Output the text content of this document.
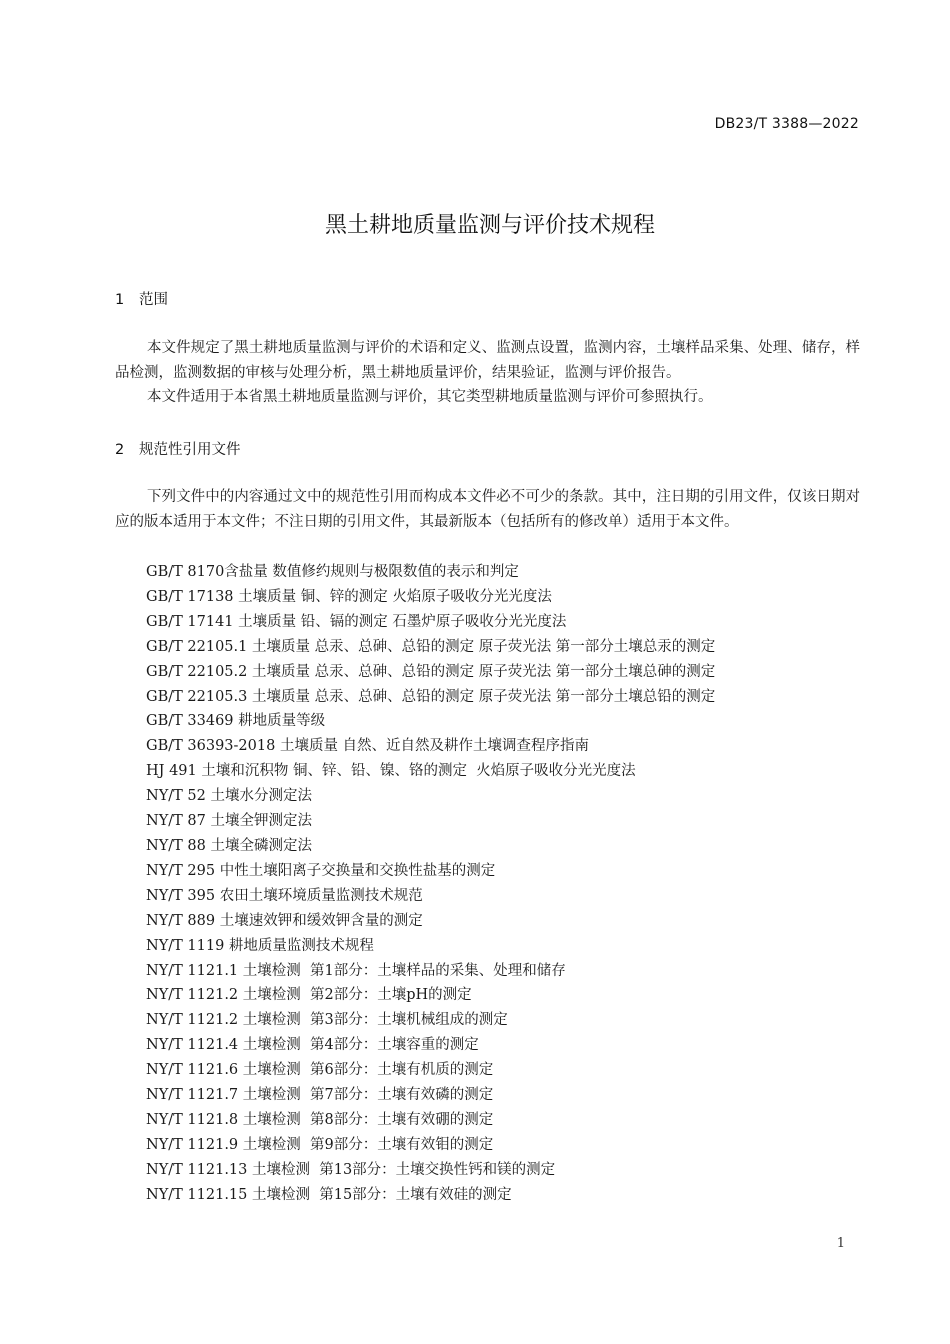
DB23/T 3388—2022
黑土耕地质量监测与评价技术规程
1 范围
本文件规定了黑土耕地质量监测与评价的术语和定义、监测点设置，监测内容，土壤样品采集、处理、储存，样品检测，监测数据的审核与处理分析，黑土耕地质量评价，结果验证，监测与评价报告。
本文件适用于本省黑土耕地质量监测与评价，其它类型耕地质量监测与评价可参照执行。
2 规范性引用文件
下列文件中的内容通过文中的规范性引用而构成本文件必不可少的条款。其中，注日期的引用文件，仅该日期对应的版本适用于本文件；不注日期的引用文件，其最新版本（包括所有的修改单）适用于本文件。
GB/T 8170含盐量 数值修约规则与极限数值的表示和判定
GB/T 17138 土壤质量 铜、锌的测定 火焰原子吸收分光光度法
GB/T 17141 土壤质量 铅、镉的测定 石墨炉原子吸收分光光度法
GB/T 22105.1 土壤质量 总汞、总砷、总铅的测定 原子荧光法 第一部分土壤总汞的测定
GB/T 22105.2 土壤质量 总汞、总砷、总铅的测定 原子荧光法 第一部分土壤总砷的测定
GB/T 22105.3 土壤质量 总汞、总砷、总铅的测定 原子荧光法 第一部分土壤总铅的测定
GB/T 33469 耕地质量等级
GB/T 36393-2018 土壤质量 自然、近自然及耕作土壤调查程序指南
HJ 491 土壤和沉积物 铜、锌、铅、镍、铬的测定  火焰原子吸收分光光度法
NY/T 52 土壤水分测定法
NY/T 87 土壤全钾测定法
NY/T 88 土壤全磷测定法
NY/T 295 中性土壤阳离子交换量和交换性盐基的测定
NY/T 395 农田土壤环境质量监测技术规范
NY/T 889 土壤速效钾和缓效钾含量的测定
NY/T 1119 耕地质量监测技术规程
NY/T 1121.1 土壤检测  第1部分：土壤样品的采集、处理和储存
NY/T 1121.2 土壤检测  第2部分：土壤pH的测定
NY/T 1121.2 土壤检测  第3部分：土壤机械组成的测定
NY/T 1121.4 土壤检测  第4部分：土壤容重的测定
NY/T 1121.6 土壤检测  第6部分：土壤有机质的测定
NY/T 1121.7 土壤检测  第7部分：土壤有效磷的测定
NY/T 1121.8 土壤检测  第8部分：土壤有效硼的测定
NY/T 1121.9 土壤检测  第9部分：土壤有效钼的测定
NY/T 1121.13 土壤检测  第13部分：土壤交换性钙和镁的测定
NY/T 1121.15 土壤检测  第15部分：土壤有效硅的测定
1
